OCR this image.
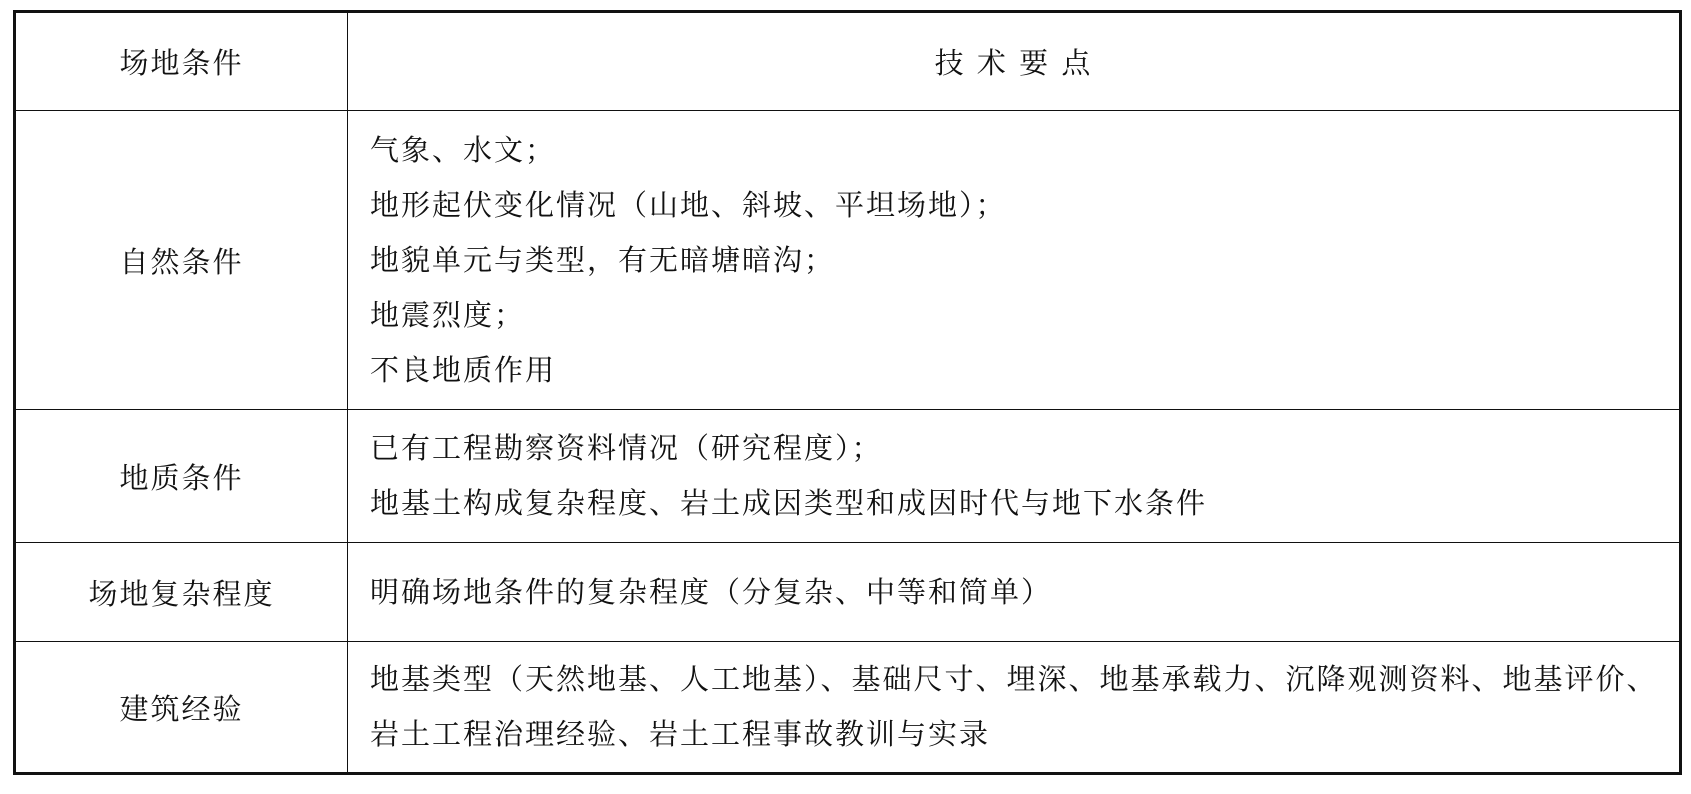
场地条件	技 术 要 点
自然条件	气象、水文；
地形起伏变化情况（山地、斜坡、平坦场地）；
地貌单元与类型，有无暗塘暗沟；
地震烈度；
不良地质作用

地质条件	已有工程勘察资料情况（研究程度）；
地基土构成复杂程度、岩土成因类型和成因时代与地下水条件

场地复杂程度	明确场地条件的复杂程度（分复杂、中等和简单）

建筑经验	地基类型（天然地基、人工地基）、基础尺寸、埋深、地基承载力、沉降观测资料、地基评价、岩土工程治理经验、岩土工程事故教训与实录
